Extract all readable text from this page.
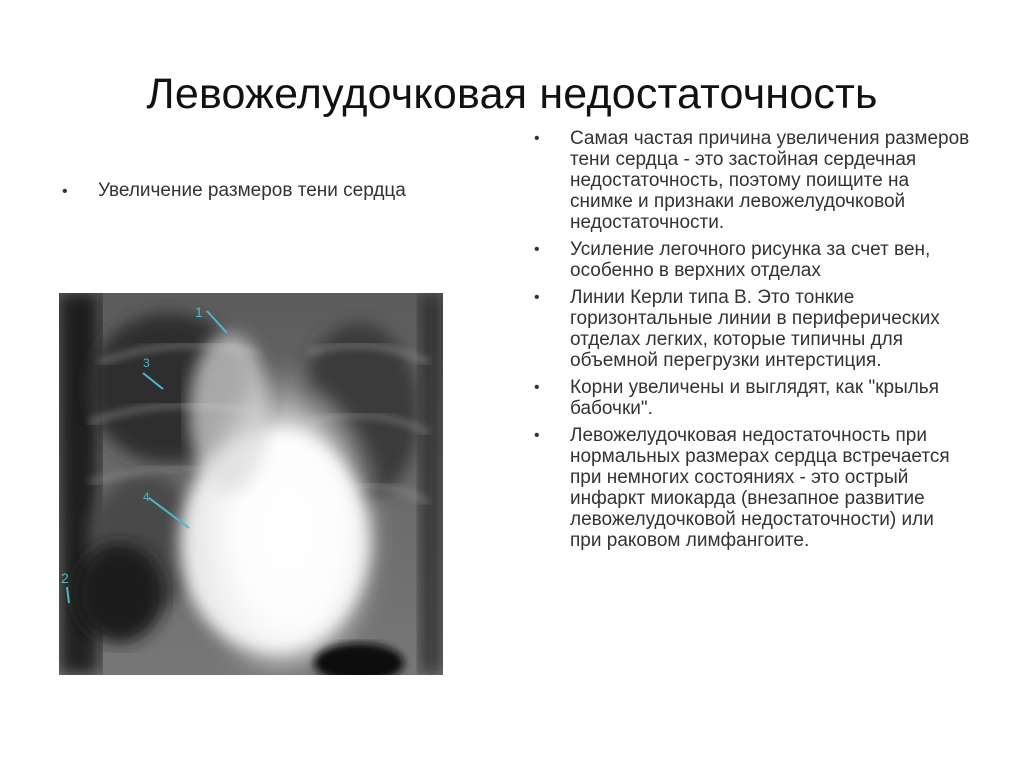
Левожелудочковая недостаточность
•	Увеличение размеров тени сердца
1
3
4
2
• Самая частая причина увеличения размеров тени сердца - это застойная сердечная недостаточность, поэтому поищите на снимке и признаки левожелудочковой недостаточности.
• Усиление легочного рисунка за счет вен, особенно в верхних отделах
• Линии Керли типа В. Это тонкие горизонтальные линии в периферических отделах легких, которые типичны для объемной перегрузки интерстиция.
• Корни увеличены и выглядят, как "крылья бабочки".
• Левожелудочковая недостаточность при нормальных размерах сердца встречается при немногих состояниях - это острый инфаркт миокарда (внезапное развитие левожелудочковой недостаточности) или при раковом лимфангоите.
